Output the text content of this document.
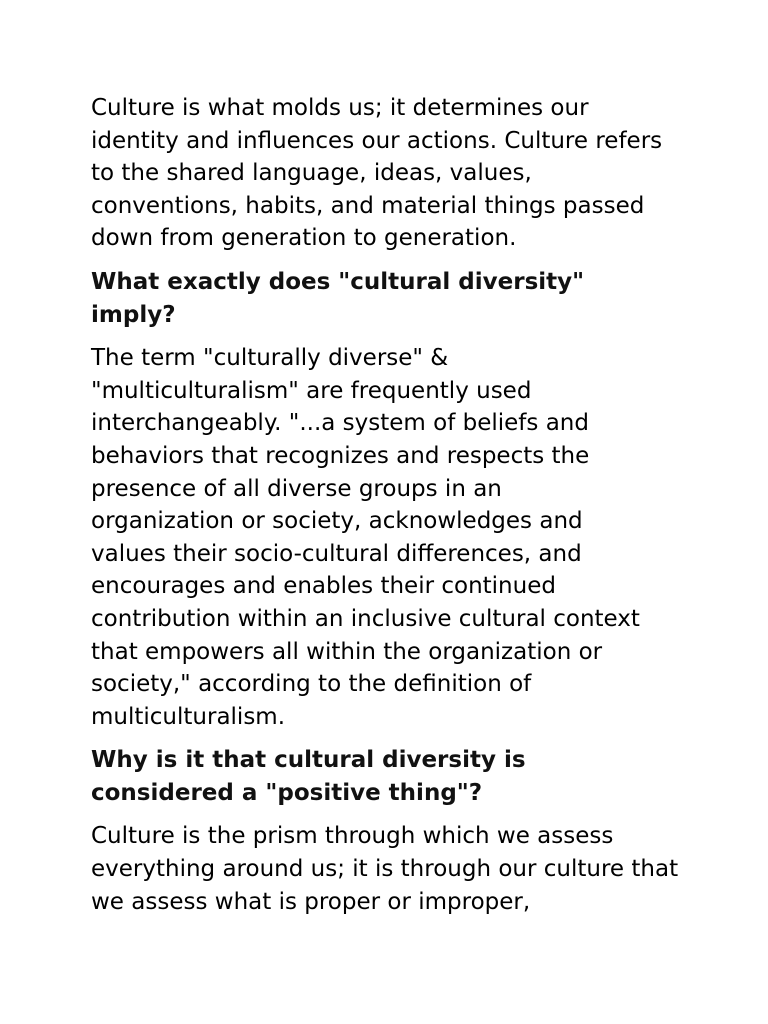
Culture is what molds us; it determines our identity and influences our actions. Culture refers to the shared language, ideas, values, conventions, habits, and material things passed down from generation to generation.

What exactly does "cultural diversity" imply?

The term "culturally diverse" & "multiculturalism" are frequently used interchangeably. "...a system of beliefs and behaviors that recognizes and respects the presence of all diverse groups in an organization or society, acknowledges and values their socio-cultural differences, and encourages and enables their continued contribution within an inclusive cultural context that empowers all within the organization or society," according to the definition of multiculturalism.

Why is it that cultural diversity is considered a "positive thing"?

Culture is the prism through which we assess everything around us; it is through our culture that we assess what is proper or improper,
